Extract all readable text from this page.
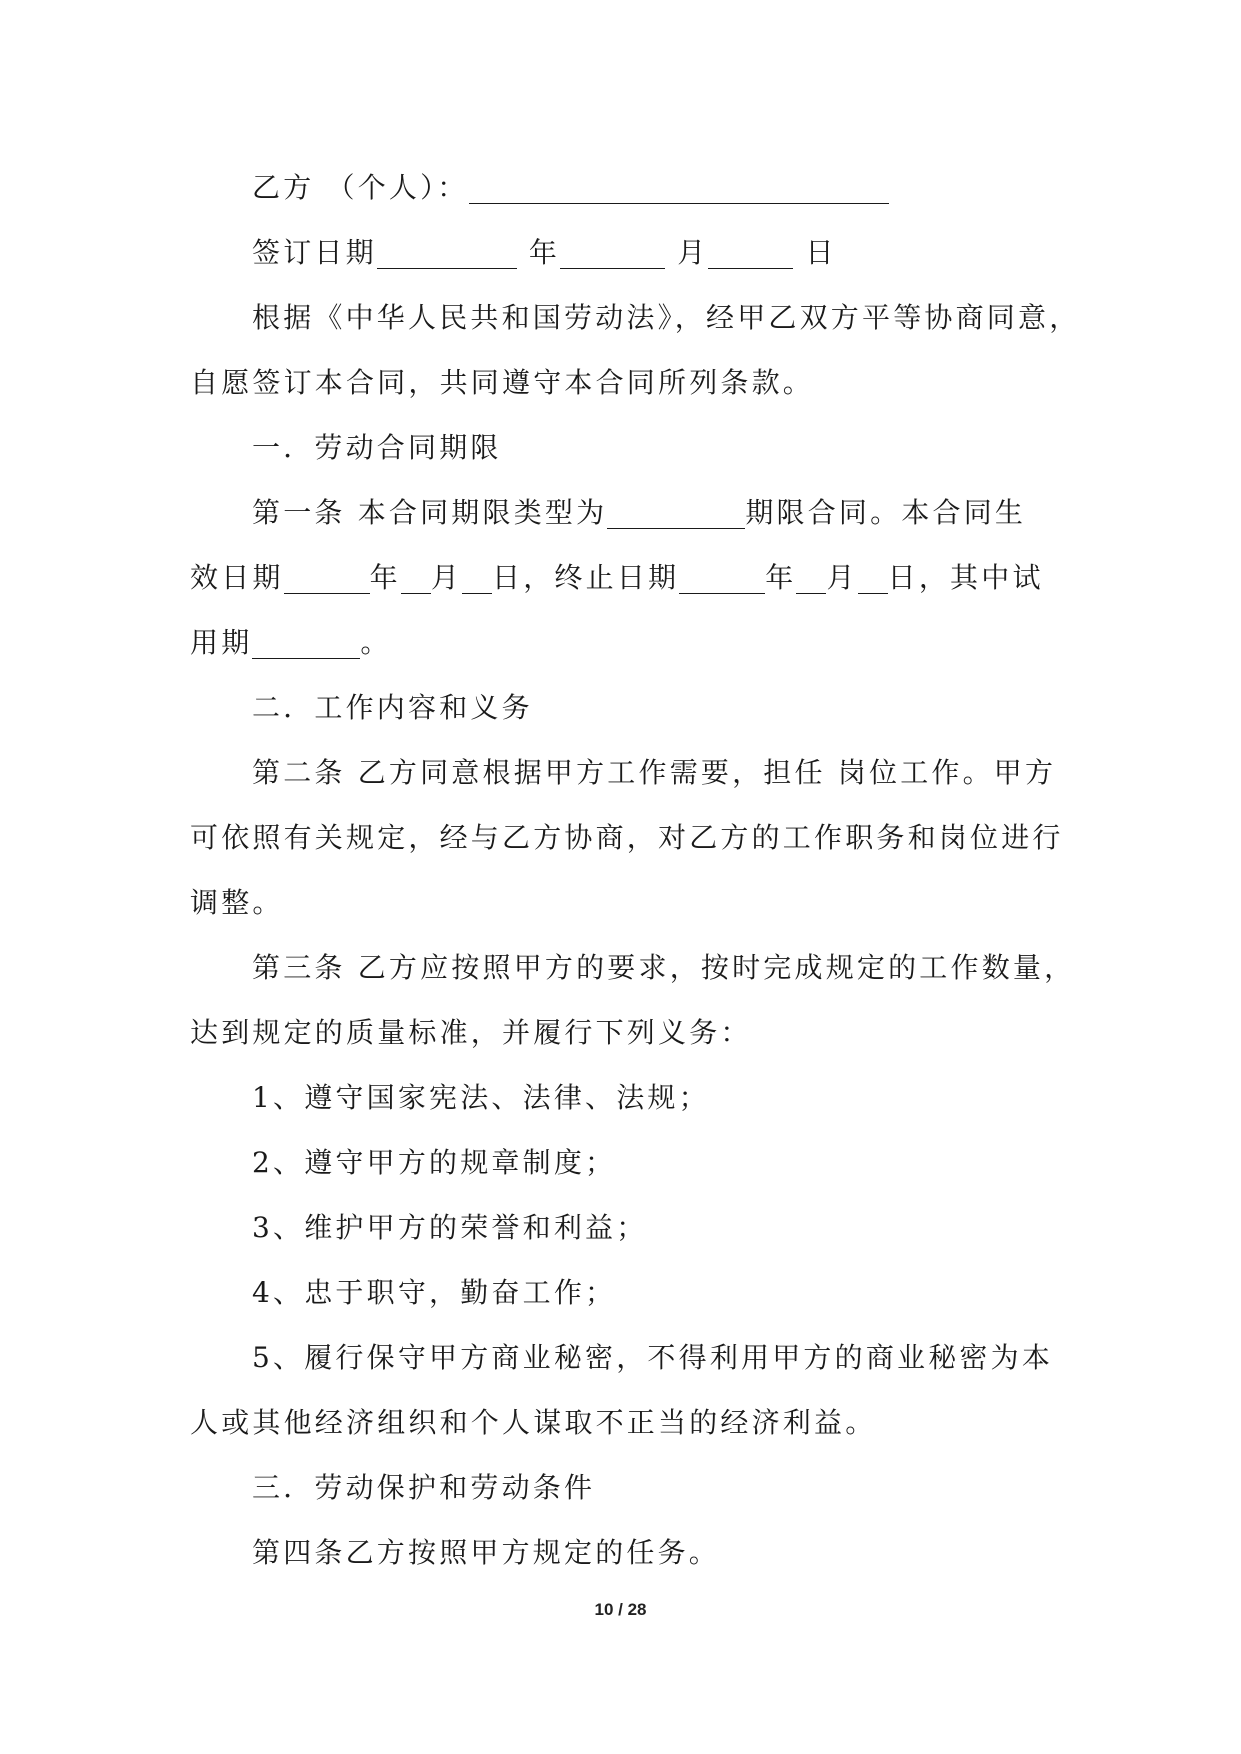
乙方 （个人）：
签订日期	年	月	日
根据《中华人民共和国劳动法》，经甲乙双方平等协商同意，
自愿签订本合同，共同遵守本合同所列条款。
一．劳动合同期限
第一条 本合同期限类型为	期限合同。本合同生
效日期	年 月 日，终止日期	年 月 日，其中试
用期	。
二．工作内容和义务
第二条 乙方同意根据甲方工作需要，担任 岗位工作。甲方
可依照有关规定，经与乙方协商，对乙方的工作职务和岗位进行
调整。
第三条 乙方应按照甲方的要求，按时完成规定的工作数量，
达到规定的质量标准，并履行下列义务：
1、遵守国家宪法、法律、法规；
2、遵守甲方的规章制度；
3、维护甲方的荣誉和利益；
4、忠于职守，勤奋工作；
5、履行保守甲方商业秘密，不得利用甲方的商业秘密为本
人或其他经济组织和个人谋取不正当的经济利益。
三．劳动保护和劳动条件
第四条乙方按照甲方规定的任务。
10 / 28
